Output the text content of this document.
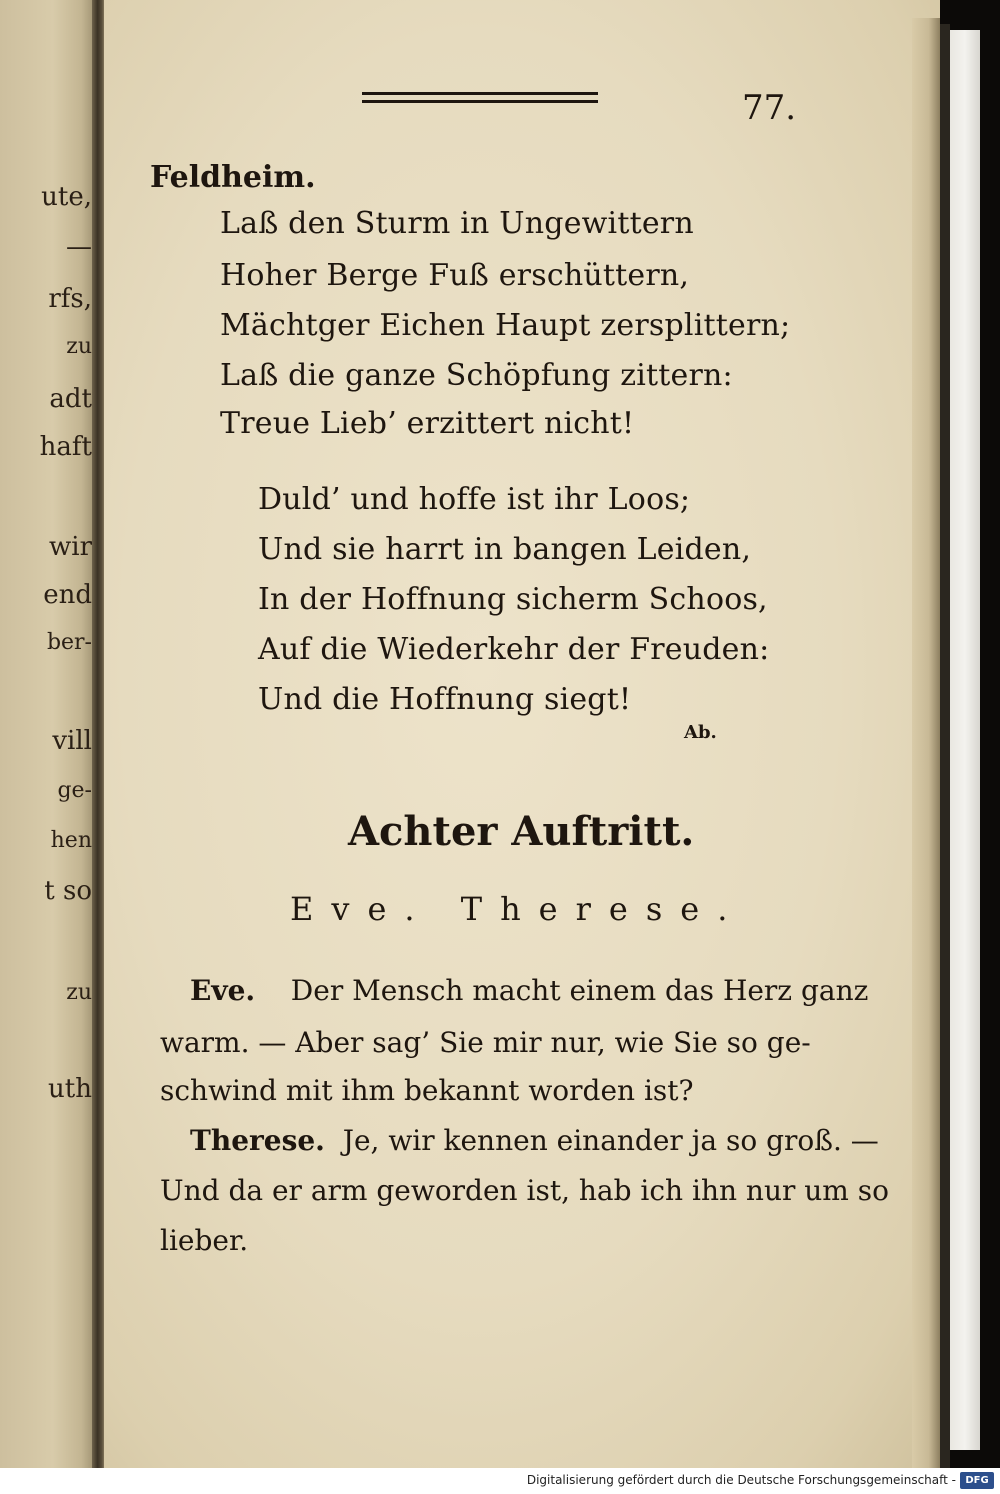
ute,
—
rfs,
zu
adt
haft
wir
end
ber-
vill
ge-
hen
t so
zu
uth
77.
Feldheim.
Laß den Sturm in Ungewittern
Hoher Berge Fuß erschüttern,
Mächtger Eichen Haupt zersplittern;
Laß die ganze Schöpfung zittern:
Treue Lieb’ erzittert nicht!
Duld’ und hoffe ist ihr Loos;
Und sie harrt in bangen Leiden,
In der Hoffnung sicherm Schoos,
Auf die Wiederkehr der Freuden:
Und die Hoffnung siegt!
Ab.
Achter Auftritt.
Eve. Therese.
Eve. Der Mensch macht einem das Herz ganz
warm. — Aber sag’ Sie mir nur, wie Sie so ge-
schwind mit ihm bekannt worden ist?
Therese. Je, wir kennen einander ja so groß. —
Und da er arm geworden ist, hab ich ihn nur um so
lieber.
Digitalisierung gefördert durch die Deutsche Forschungsgemeinschaft - DFG
